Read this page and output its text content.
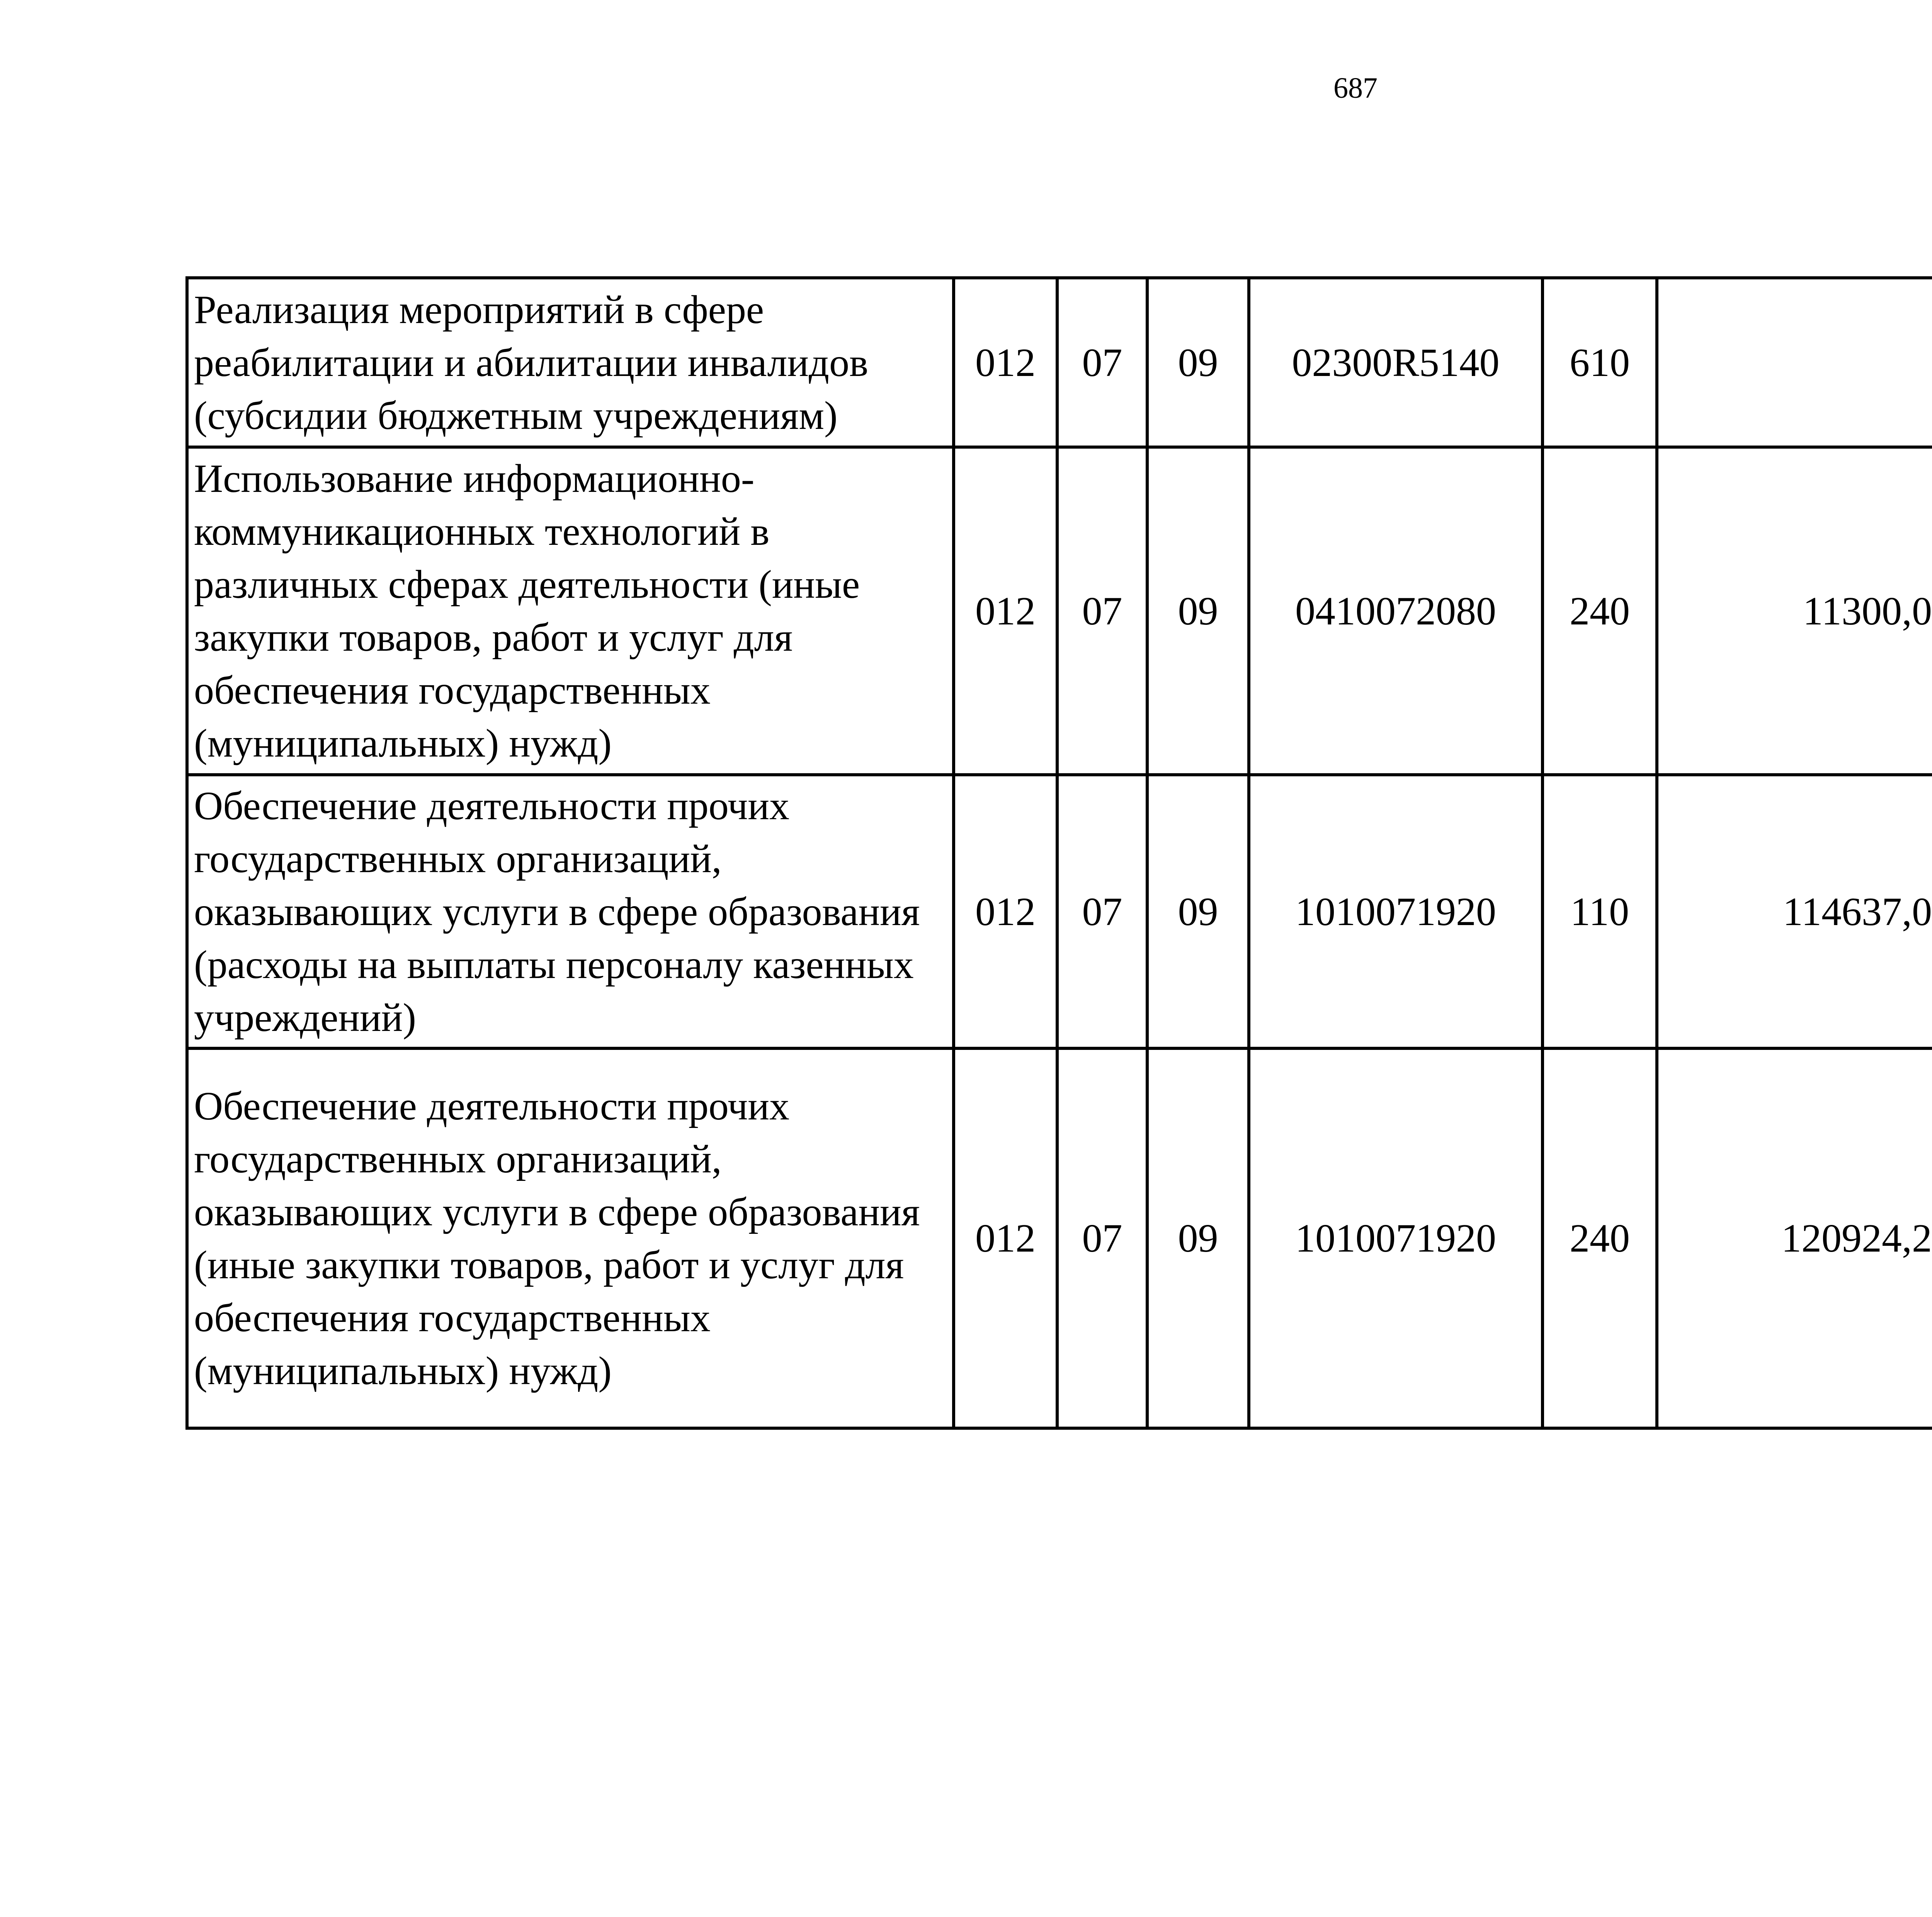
687
Реализация мероприятий в сфере реабилитации и абилитации инвалидов (субсидии бюджетным учреждениям)	012	07	09	02300R5140	610			
Использование информационно-коммуникационных технологий в различных сферах деятельности (иные закупки товаров, работ и услуг для обеспечения государственных (муниципальных) нужд)	012	07	09	0410072080	240	11300,0		
Обеспечение деятельности прочих государственных организаций, оказывающих услуги в сфере образования (расходы на выплаты персоналу казенных учреждений)	012	07	09	1010071920	110	114637,0		
Обеспечение деятельности прочих государственных организаций, оказывающих услуги в сфере образования (иные закупки товаров, работ и услуг для обеспечения государственных (муниципальных) нужд)	012	07	09	1010071920	240	120924,2		
